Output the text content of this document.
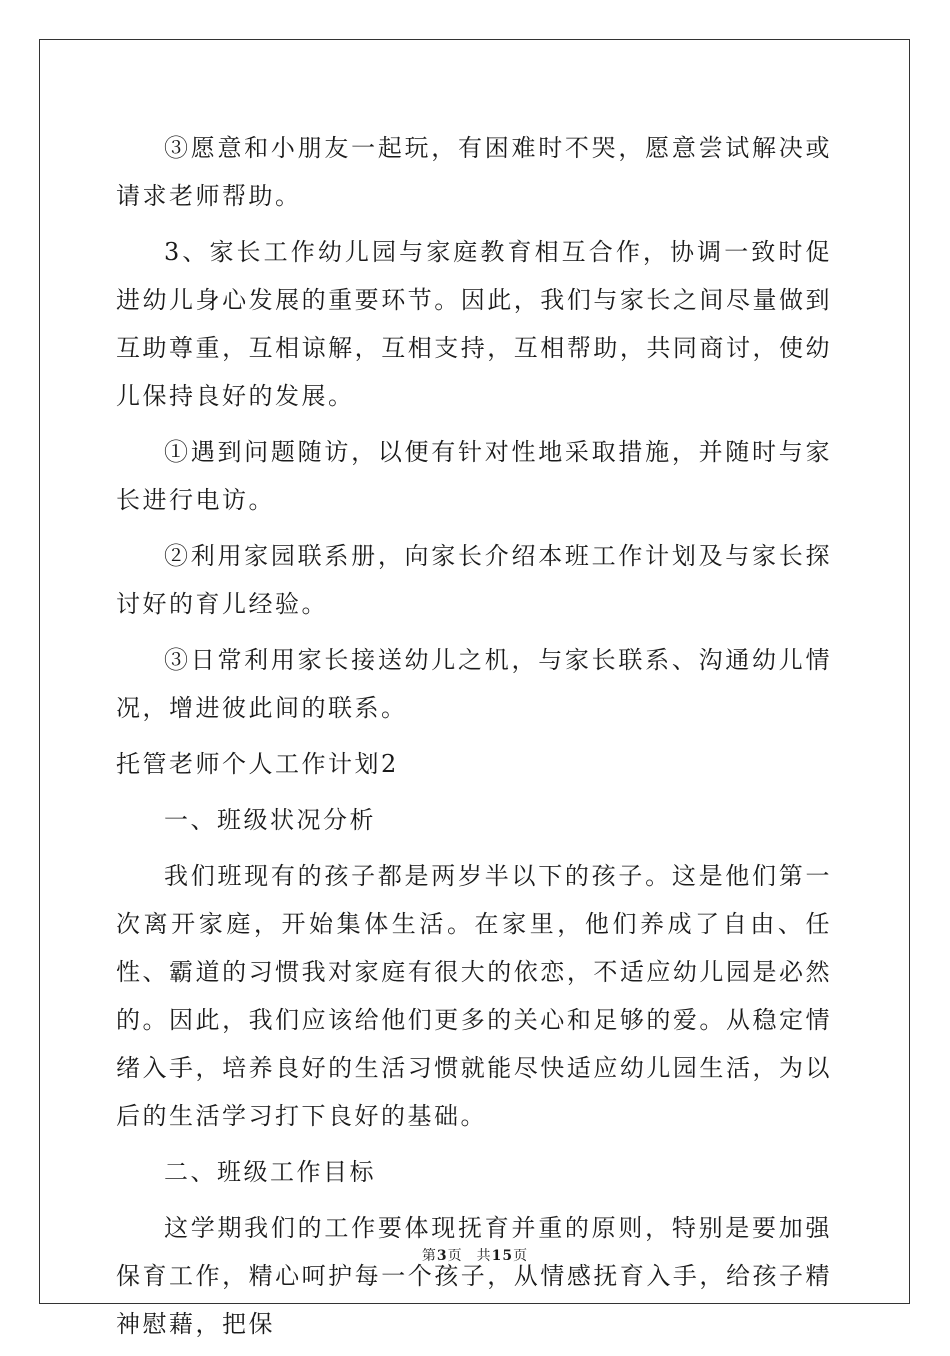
③愿意和小朋友一起玩，有困难时不哭，愿意尝试解决或请求老师帮助。

3、家长工作幼儿园与家庭教育相互合作，协调一致时促进幼儿身心发展的重要环节。因此，我们与家长之间尽量做到互助尊重，互相谅解，互相支持，互相帮助，共同商讨，使幼儿保持良好的发展。

①遇到问题随访，以便有针对性地采取措施，并随时与家长进行电访。

②利用家园联系册，向家长介绍本班工作计划及与家长探讨好的育儿经验。

③日常利用家长接送幼儿之机，与家长联系、沟通幼儿情况，增进彼此间的联系。

托管老师个人工作计划2

一、班级状况分析

我们班现有的孩子都是两岁半以下的孩子。这是他们第一次离开家庭，开始集体生活。在家里，他们养成了自由、任性、霸道的习惯我对家庭有很大的依恋，不适应幼儿园是必然的。因此，我们应该给他们更多的关心和足够的爱。从稳定情绪入手，培养良好的生活习惯就能尽快适应幼儿园生活，为以后的生活学习打下良好的基础。

二、班级工作目标

这学期我们的工作要体现抚育并重的原则，特别是要加强保育工作，精心呵护每一个孩子，从情感抚育入手，给孩子精神慰藉，把保

第3页 共15页
